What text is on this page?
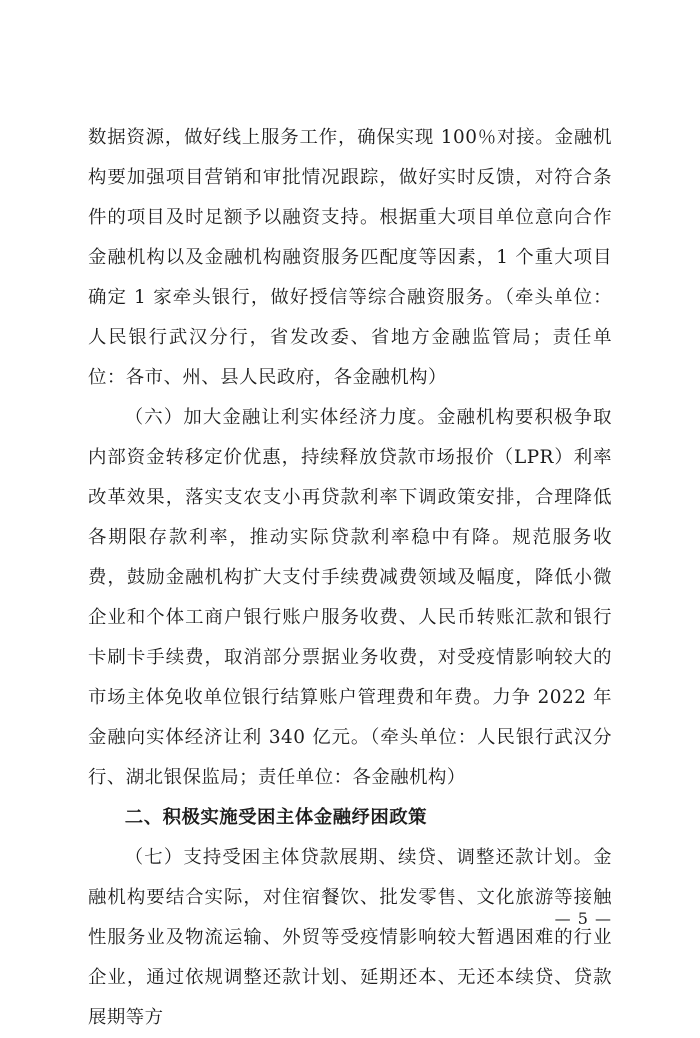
数据资源，做好线上服务工作，确保实现 100％对接。金融机构要加强项目营销和审批情况跟踪，做好实时反馈，对符合条件的项目及时足额予以融资支持。根据重大项目单位意向合作金融机构以及金融机构融资服务匹配度等因素，1 个重大项目确定 1 家牵头银行，做好授信等综合融资服务。（牵头单位：人民银行武汉分行，省发改委、省地方金融监管局；责任单位：各市、州、县人民政府，各金融机构）

（六）加大金融让利实体经济力度。金融机构要积极争取内部资金转移定价优惠，持续释放贷款市场报价（LPR）利率改革效果，落实支农支小再贷款利率下调政策安排，合理降低各期限存款利率，推动实际贷款利率稳中有降。规范服务收费，鼓励金融机构扩大支付手续费减费领域及幅度，降低小微企业和个体工商户银行账户服务收费、人民币转账汇款和银行卡刷卡手续费，取消部分票据业务收费，对受疫情影响较大的市场主体免收单位银行结算账户管理费和年费。力争 2022 年金融向实体经济让利 340 亿元。（牵头单位：人民银行武汉分行、湖北银保监局；责任单位：各金融机构）

二、积极实施受困主体金融纾困政策

（七）支持受困主体贷款展期、续贷、调整还款计划。金融机构要结合实际，对住宿餐饮、批发零售、文化旅游等接触性服务业及物流运输、外贸等受疫情影响较大暂遇困难的行业企业，通过依规调整还款计划、延期还本、无还本续贷、贷款展期等方

— 5 —
